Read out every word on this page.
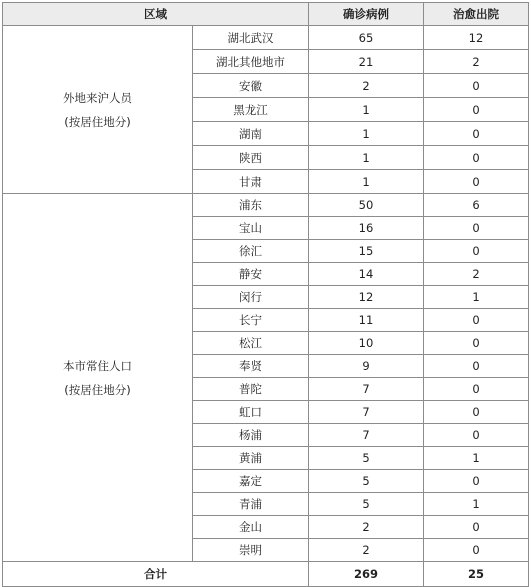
区域		确诊病例	治愈出院

外地来沪人员
(按居住地分)	湖北武汉	65	12
	湖北其他地市	21	2
	安徽	2	0
	黑龙江	1	0
	湖南	1	0
	陕西	1	0
	甘肃	1	0

本市常住人口
(按居住地分)	浦东	50	6
	宝山	16	0
	徐汇	15	0
	静安	14	2
	闵行	12	1
	长宁	11	0
	松江	10	0
	奉贤	9	0
	普陀	7	0
	虹口	7	0
	杨浦	7	0
	黄浦	5	1
	嘉定	5	0
	青浦	5	1
	金山	2	0
	崇明	2	0
合计		269	25
